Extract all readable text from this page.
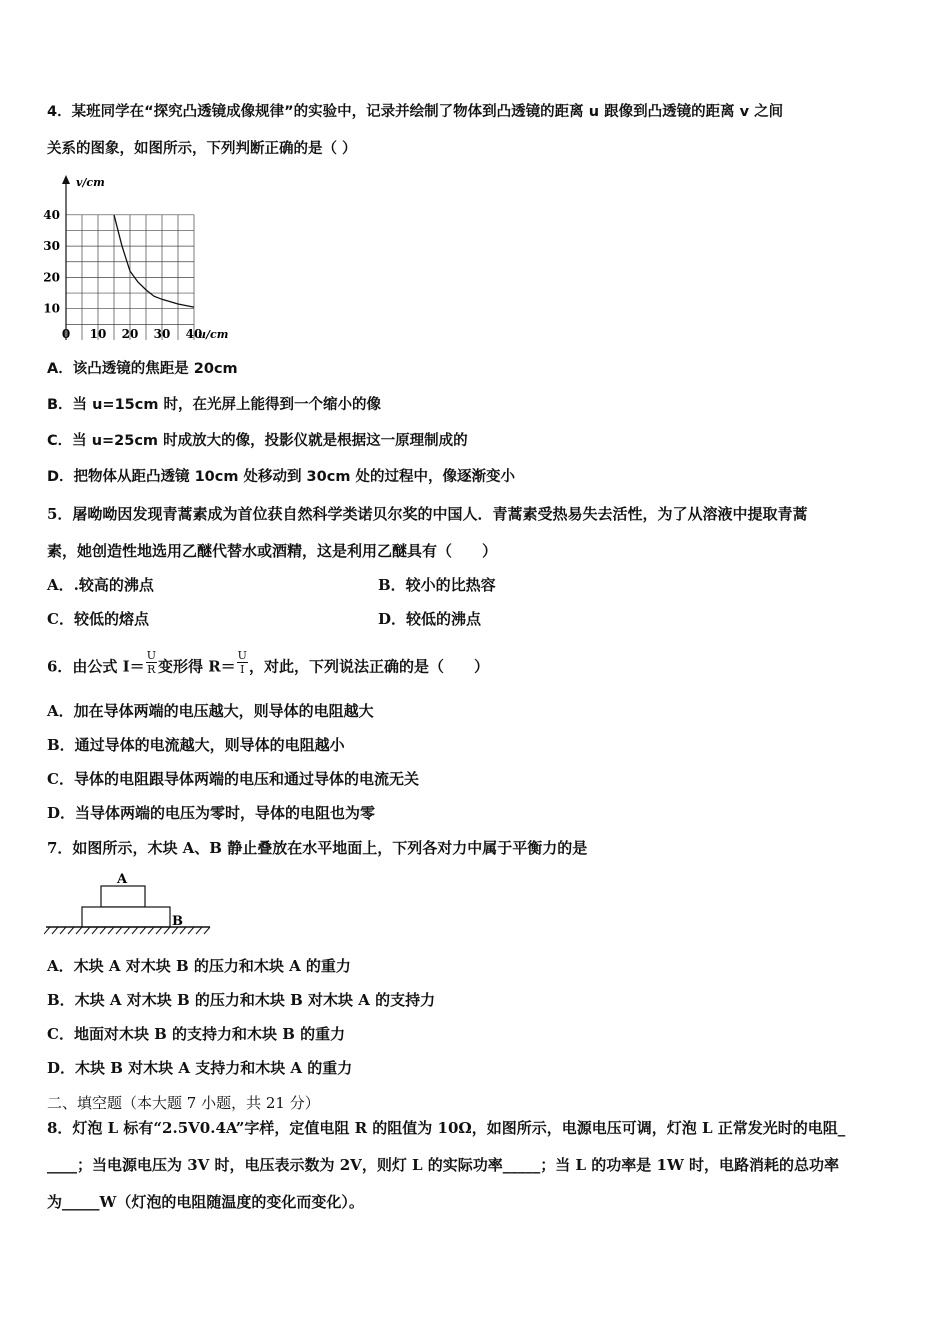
4．某班同学在“探究凸透镜成像规律”的实验中，记录并绘制了物体到凸透镜的距离 u 跟像到凸透镜的距离 v 之间
关系的图象，如图所示，下列判断正确的是（ ）
v/cm
u/cm
0 10 20 30 40
10
20
30
40
A．该凸透镜的焦距是 20cm
B．当 u=15cm 时，在光屏上能得到一个缩小的像
C．当 u=25cm 时成放大的像，投影仪就是根据这一原理制成的
D．把物体从距凸透镜 10cm 处移动到 30cm 处的过程中，像逐渐变小
5．屠呦呦因发现青蒿素成为首位获自然科学类诺贝尔奖的中国人．青蒿素受热易失去活性，为了从溶液中提取青蒿
素，她创造性地选用乙醚代替水或酒精，这是利用乙醚具有（　　）
A．.较高的沸点	B．较小的比热容
C．较低的熔点	D．较低的沸点
6．由公式 $I= \frac{U}{R}$ 变形得 $R= \frac{U}{I}$ ，对此，下列说法正确的是（　　）
A．加在导体两端的电压越大，则导体的电阻越大
B．通过导体的电流越大，则导体的电阻越小
C．导体的电阻跟导体两端的电压和通过导体的电流无关
D．当导体两端的电压为零时，导体的电阻也为零
7．如图所示，木块 A、B 静止叠放在水平地面上，下列各对力中属于平衡力的是
A
B
A．木块 A 对木块 B 的压力和木块 A 的重力
B．木块 A 对木块 B 的压力和木块 B 对木块 A 的支持力
C．地面对木块 B 的支持力和木块 B 的重力
D．木块 B 对木块 A 支持力和木块 A 的重力
二、填空题（本大题 7 小题，共 21 分）
8．灯泡 L 标有“2.5V0.4A”字样，定值电阻 R 的阻值为 10Ω，如图所示，电源电压可调，灯泡 L 正常发光时的电阻_
____；当电源电压为 3V 时，电压表示数为 2V，则灯 L 的实际功率_____；当 L 的功率是 1W 时，电路消耗的总功率
为_____W（灯泡的电阻随温度的变化而变化）。
